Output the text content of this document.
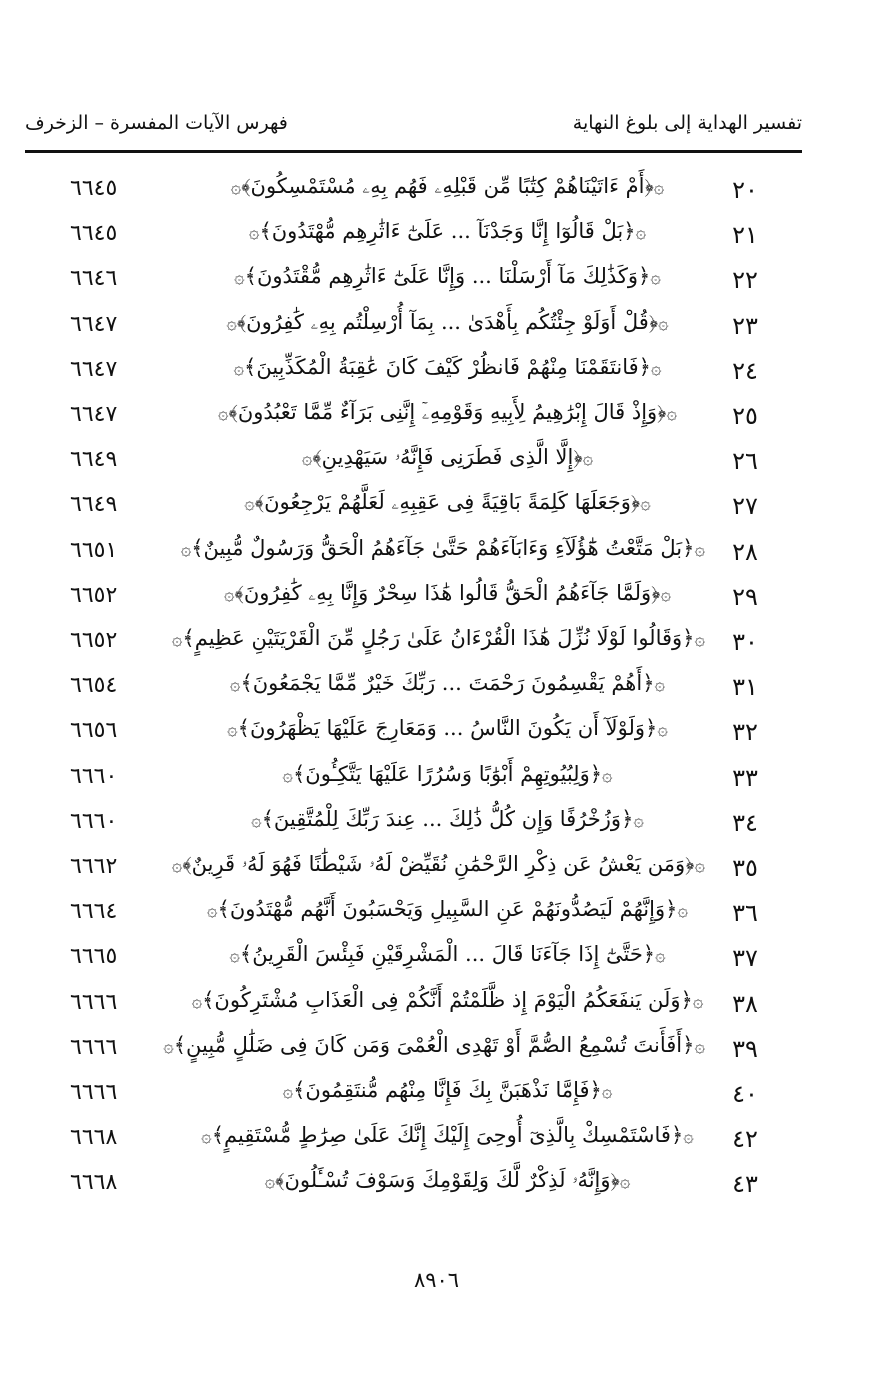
تفسير الهداية إلى بلوغ النهاية
فهرس الآيات المفسرة – الزخرف
٢٠
۞﴿أَمْ ءَاتَيْنَاهُمْ كِتَٰبًا مِّن قَبْلِهِۦ فَهُم بِهِۦ مُسْتَمْسِكُونَ﴾۞
٦٦٤٥
٢١
۞﴿بَلْ قَالُوٓا إِنَّا وَجَدْنَآ ... عَلَىٰٓ ءَاثَٰرِهِم مُّهْتَدُونَ﴾۞
٦٦٤٥
٢٢
۞﴿وَكَذَٰلِكَ مَآ أَرْسَلْنَا ... وَإِنَّا عَلَىٰٓ ءَاثَٰرِهِم مُّقْتَدُونَ﴾۞
٦٦٤٦
٢٣
۞﴿قُلْ أَوَلَوْ جِئْتُكُم بِأَهْدَىٰ ... بِمَآ أُرْسِلْتُم بِهِۦ كَٰفِرُونَ﴾۞
٦٦٤٧
٢٤
۞﴿فَانتَقَمْنَا مِنْهُمْ فَانظُرْ كَيْفَ كَانَ عَٰقِبَةُ الْمُكَذِّبِينَ﴾۞
٦٦٤٧
٢٥
۞﴿وَإِذْ قَالَ إِبْرَٰهِيمُ لِأَبِيهِ وَقَوْمِهِۦٓ إِنَّنِى بَرَآءٌ مِّمَّا تَعْبُدُونَ﴾۞
٦٦٤٧
٢٦
۞﴿إِلَّا الَّذِى فَطَرَنِى فَإِنَّهُۥ سَيَهْدِينِ﴾۞
٦٦٤٩
٢٧
۞﴿وَجَعَلَهَا كَلِمَةً بَاقِيَةً فِى عَقِبِهِۦ لَعَلَّهُمْ يَرْجِعُونَ﴾۞
٦٦٤٩
٢٨
۞﴿بَلْ مَتَّعْتُ هَٰٓؤُلَآءِ وَءَابَآءَهُمْ حَتَّىٰ جَآءَهُمُ الْحَقُّ وَرَسُولٌ مُّبِينٌ﴾۞
٦٦٥١
٢٩
۞﴿وَلَمَّا جَآءَهُمُ الْحَقُّ قَالُوا هَٰذَا سِحْرٌ وَإِنَّا بِهِۦ كَٰفِرُونَ﴾۞
٦٦٥٢
٣٠
۞﴿وَقَالُوا لَوْلَا نُزِّلَ هَٰذَا الْقُرْءَانُ عَلَىٰ رَجُلٍ مِّنَ الْقَرْيَتَيْنِ عَظِيمٍ﴾۞
٦٦٥٢
٣١
۞﴿أَهُمْ يَقْسِمُونَ رَحْمَتَ ... رَبِّكَ خَيْرٌ مِّمَّا يَجْمَعُونَ﴾۞
٦٦٥٤
٣٢
۞﴿وَلَوْلَآ أَن يَكُونَ النَّاسُ ... وَمَعَارِجَ عَلَيْهَا يَظْهَرُونَ﴾۞
٦٦٥٦
٣٣
۞﴿وَلِبُيُوتِهِمْ أَبْوَٰبًا وَسُرُرًا عَلَيْهَا يَتَّكِـُٔونَ﴾۞
٦٦٦٠
٣٤
۞﴿وَزُخْرُفًا وَإِن كُلُّ ذَٰلِكَ ... عِندَ رَبِّكَ لِلْمُتَّقِينَ﴾۞
٦٦٦٠
٣٥
۞﴿وَمَن يَعْشُ عَن ذِكْرِ الرَّحْمَٰنِ نُقَيِّضْ لَهُۥ شَيْطَٰنًا فَهُوَ لَهُۥ قَرِينٌ﴾۞
٦٦٦٢
٣٦
۞﴿وَإِنَّهُمْ لَيَصُدُّونَهُمْ عَنِ السَّبِيلِ وَيَحْسَبُونَ أَنَّهُم مُّهْتَدُونَ﴾۞
٦٦٦٤
٣٧
۞﴿حَتَّىٰٓ إِذَا جَآءَنَا قَالَ ... الْمَشْرِقَيْنِ فَبِئْسَ الْقَرِينُ﴾۞
٦٦٦٥
٣٨
۞﴿وَلَن يَنفَعَكُمُ الْيَوْمَ إِذ ظَّلَمْتُمْ أَنَّكُمْ فِى الْعَذَابِ مُشْتَرِكُونَ﴾۞
٦٦٦٦
٣٩
۞﴿أَفَأَنتَ تُسْمِعُ الصُّمَّ أَوْ تَهْدِى الْعُمْىَ وَمَن كَانَ فِى ضَلَٰلٍ مُّبِينٍ﴾۞
٦٦٦٦
٤٠
۞﴿فَإِمَّا نَذْهَبَنَّ بِكَ فَإِنَّا مِنْهُم مُّنتَقِمُونَ﴾۞
٦٦٦٦
٤٢
۞﴿فَاسْتَمْسِكْ بِالَّذِىٓ أُوحِىَ إِلَيْكَ إِنَّكَ عَلَىٰ صِرَٰطٍ مُّسْتَقِيمٍ﴾۞
٦٦٦٨
٤٣
۞﴿وَإِنَّهُۥ لَذِكْرٌ لَّكَ وَلِقَوْمِكَ وَسَوْفَ تُسْـَٔلُونَ﴾۞
٦٦٦٨
٨٩٠٦
